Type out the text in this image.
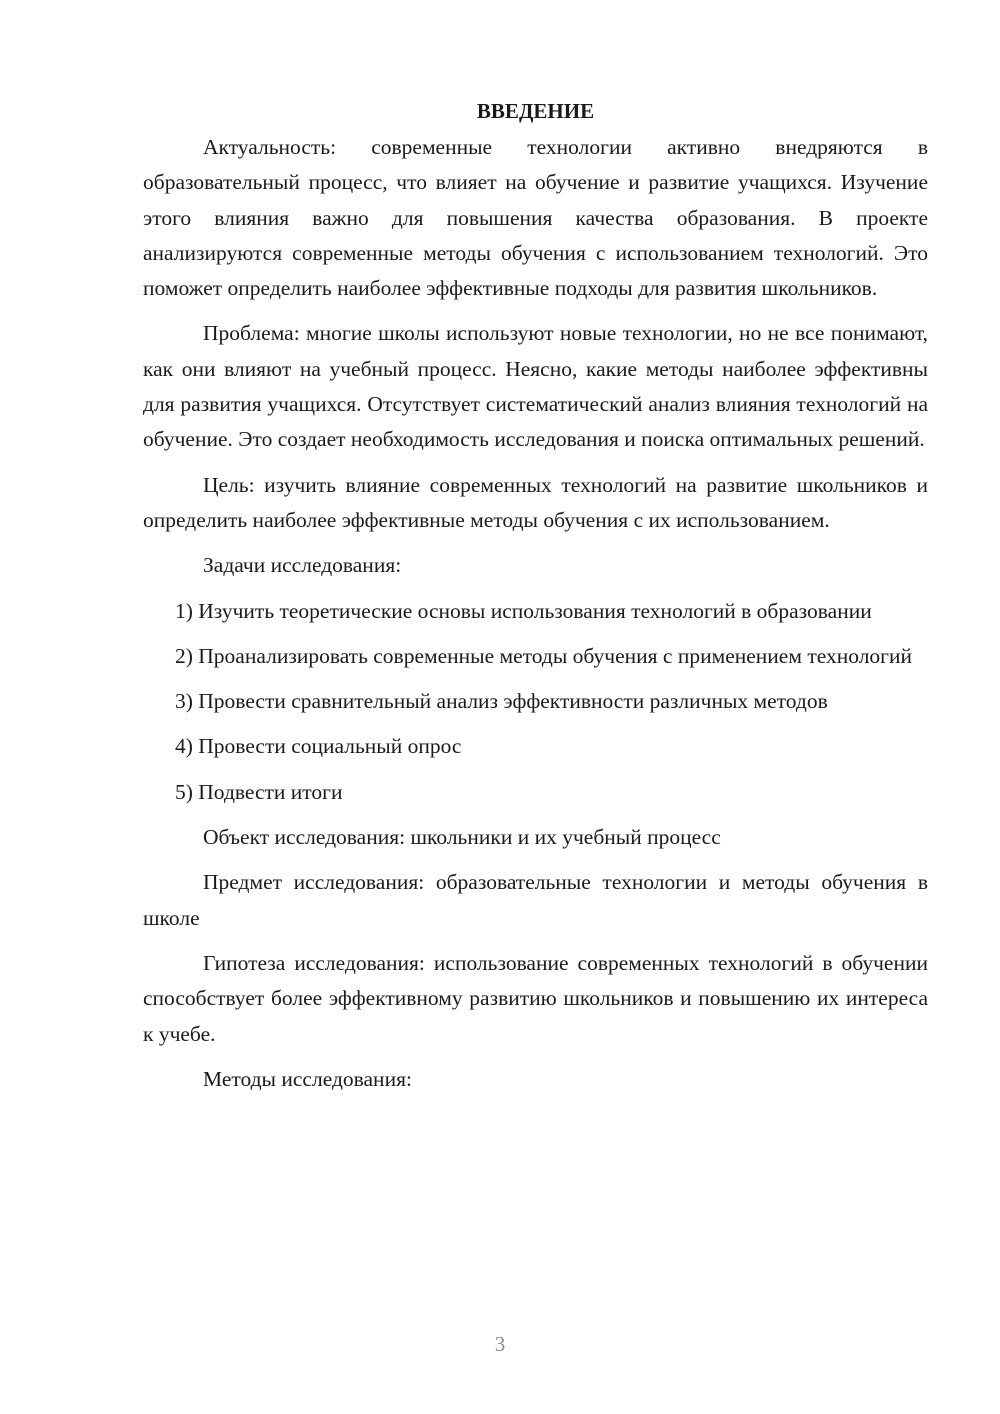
ВВЕДЕНИЕ

Актуальность: современные технологии активно внедряются в образовательный процесс, что влияет на обучение и развитие учащихся. Изучение этого влияния важно для повышения качества образования. В проекте анализируются современные методы обучения с использованием технологий. Это поможет определить наиболее эффективные подходы для развития школьников.

Проблема: многие школы используют новые технологии, но не все понимают, как они влияют на учебный процесс. Неясно, какие методы наиболее эффективны для развития учащихся. Отсутствует систематический анализ влияния технологий на обучение. Это создает необходимость исследования и поиска оптимальных решений.

Цель: изучить влияние современных технологий на развитие школьников и определить наиболее эффективные методы обучения с их использованием.

Задачи исследования:

1) Изучить теоретические основы использования технологий в образовании

2) Проанализировать современные методы обучения с применением технологий

3) Провести сравнительный анализ эффективности различных методов

4) Провести социальный опрос

5) Подвести итоги

Объект исследования: школьники и их учебный процесс

Предмет исследования: образовательные технологии и методы обучения в школе

Гипотеза исследования: использование современных технологий в обучении способствует более эффективному развитию школьников и повышению их интереса к учебе.

Методы исследования:

3
